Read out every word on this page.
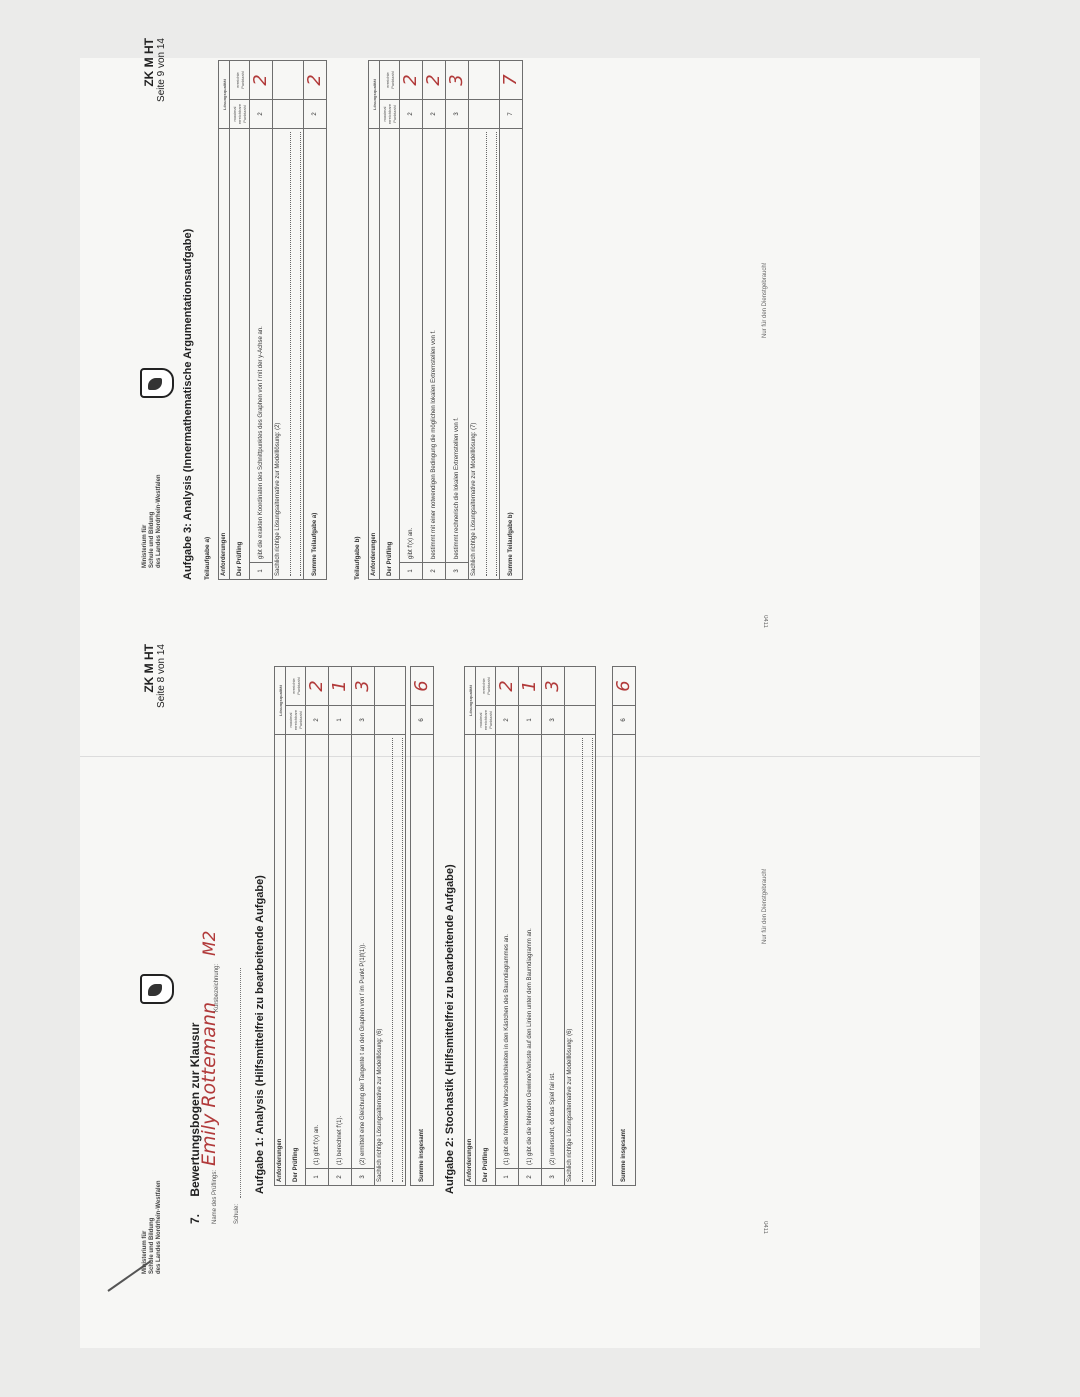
Ministerium für Schule und Bildung des Landes Nordrhein-Westfalen
ZK M HT Seite 8 von 14
7. Bewertungsbogen zur Klausur
Name des Prüflings:
Emily Rottemann
Kursbezeichnung:
M2
Schule:
Aufgabe 1: Analysis (Hilfsmittelfrei zu bearbeitende Aufgabe) Anforderungen		Lösungsqualität	
Der Prüfling		maximal erreichbare Punktzahl	erreichte Punktzahl
1	(1) gibt f'(x) an.	2	2
2	(1) berechnet f'(1).	1	1
3	(2) ermittelt eine Gleichung der Tangente t an den Graphen von f im Punkt P(1|f(1)).	3	3
Sachlich richtige Lösungsalternative zur Modelllösung: (6)	
			Summe insgesamt	6	6
Aufgabe 2: Stochastik (Hilfsmittelfrei zu bearbeitende Aufgabe) Anforderungen		Lösungsqualität	
Der Prüfling		maximal erreichbare Punktzahl	erreichte Punktzahl
1	(1) gibt die fehlenden Wahrscheinlichkeiten in den Kästchen des Baumdiagrammes an.	2	2
2	(1) gibt die die fehlenden Gewinne/Verluste auf den Linien unter dem Baumdiagramm an.	1	1
3	(2) untersucht, ob das Spiel fair ist.	3	3
Sachlich richtige Lösungsalternative zur Modelllösung: (6)	
			Summe insgesamt	6	6
Nur für den Dienstgebrauch!
0411
Ministerium für Schule und Bildung des Landes Nordrhein-Westfalen
ZK M HT Seite 9 von 14
Aufgabe 3: Analysis (Innermathematische Argumentationsaufgabe) Teilaufgabe a) Anforderungen		Lösungsqualität	
Der Prüfling		maximal erreichbare Punktzahl	erreichte Punktzahl
1	gibt die exakten Koordinaten des Schnittpunktes des Graphen von f mit der y-Achse an.	2	2
Sachlich richtige Lösungsalternative zur Modelllösung: (2)	

Summe Teilaufgabe a)		2	2
Teilaufgabe b) Anforderungen		Lösungsqualität	
Der Prüfling		maximal erreichbare Punktzahl	erreichte Punktzahl
1	gibt f'(x) an.	2	2
2	bestimmt mit einer notwendigen Bedingung die möglichen lokalen Extremstellen von f.	2	2
3	bestimmt rechnerisch die lokalen Extremstellen von f.	3	3
Sachlich richtige Lösungsalternative zur Modelllösung: (7)	

Summe Teilaufgabe b)		7	7
Nur für den Dienstgebrauch!
0411
